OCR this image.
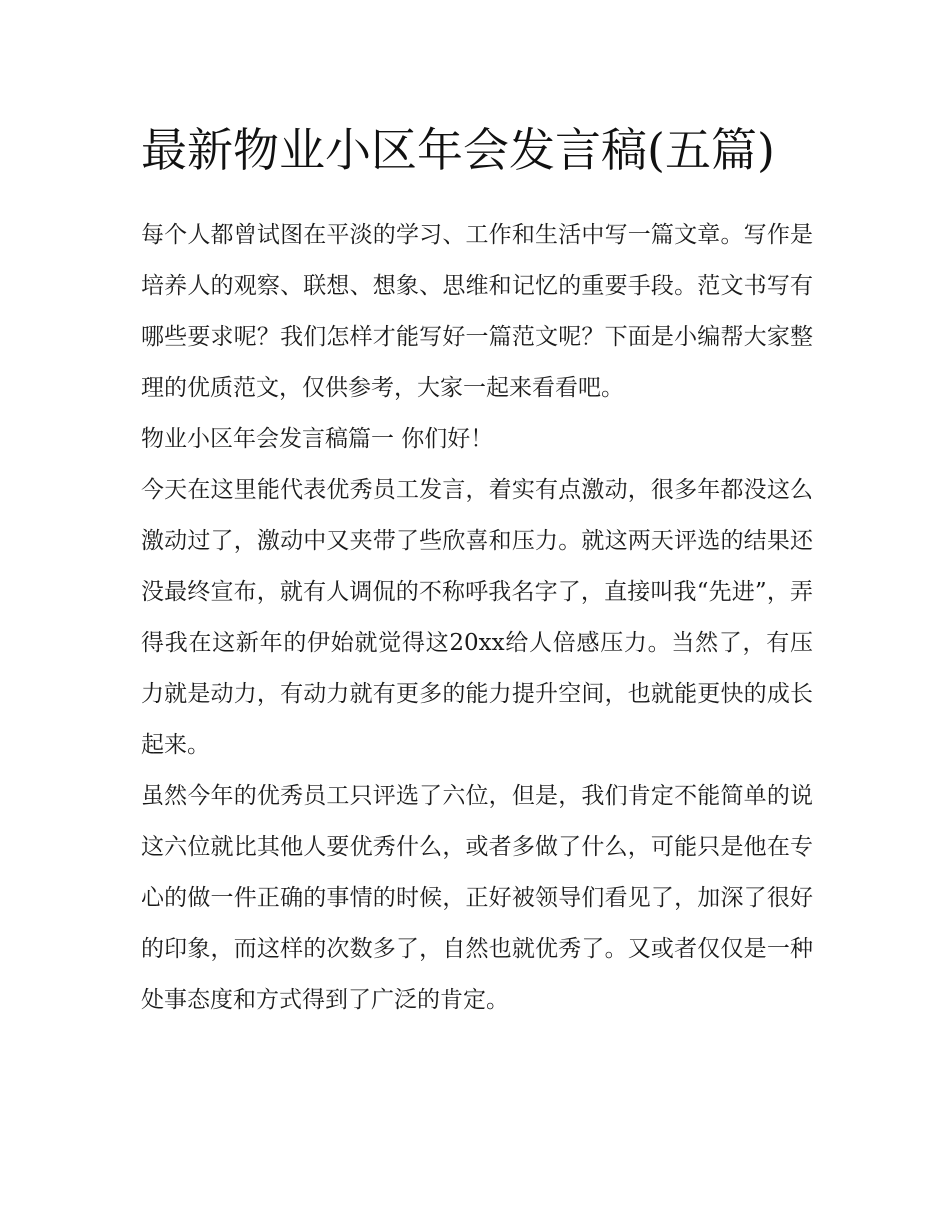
最新物业小区年会发言稿(五篇)

每个人都曾试图在平淡的学习、工作和生活中写一篇文章。写作是培养人的观察、联想、想象、思维和记忆的重要手段。范文书写有哪些要求呢？我们怎样才能写好一篇范文呢？下面是小编帮大家整理的优质范文，仅供参考，大家一起来看看吧。

物业小区年会发言稿篇一 你们好！

今天在这里能代表优秀员工发言，着实有点激动，很多年都没这么激动过了，激动中又夹带了些欣喜和压力。就这两天评选的结果还没最终宣布，就有人调侃的不称呼我名字了，直接叫我“先进”，弄得我在这新年的伊始就觉得这20xx给人倍感压力。当然了，有压力就是动力，有动力就有更多的能力提升空间，也就能更快的成长起来。

虽然今年的优秀员工只评选了六位，但是，我们肯定不能简单的说这六位就比其他人要优秀什么，或者多做了什么，可能只是他在专心的做一件正确的事情的时候，正好被领导们看见了，加深了很好的印象，而这样的次数多了，自然也就优秀了。又或者仅仅是一种处事态度和方式得到了广泛的肯定。
